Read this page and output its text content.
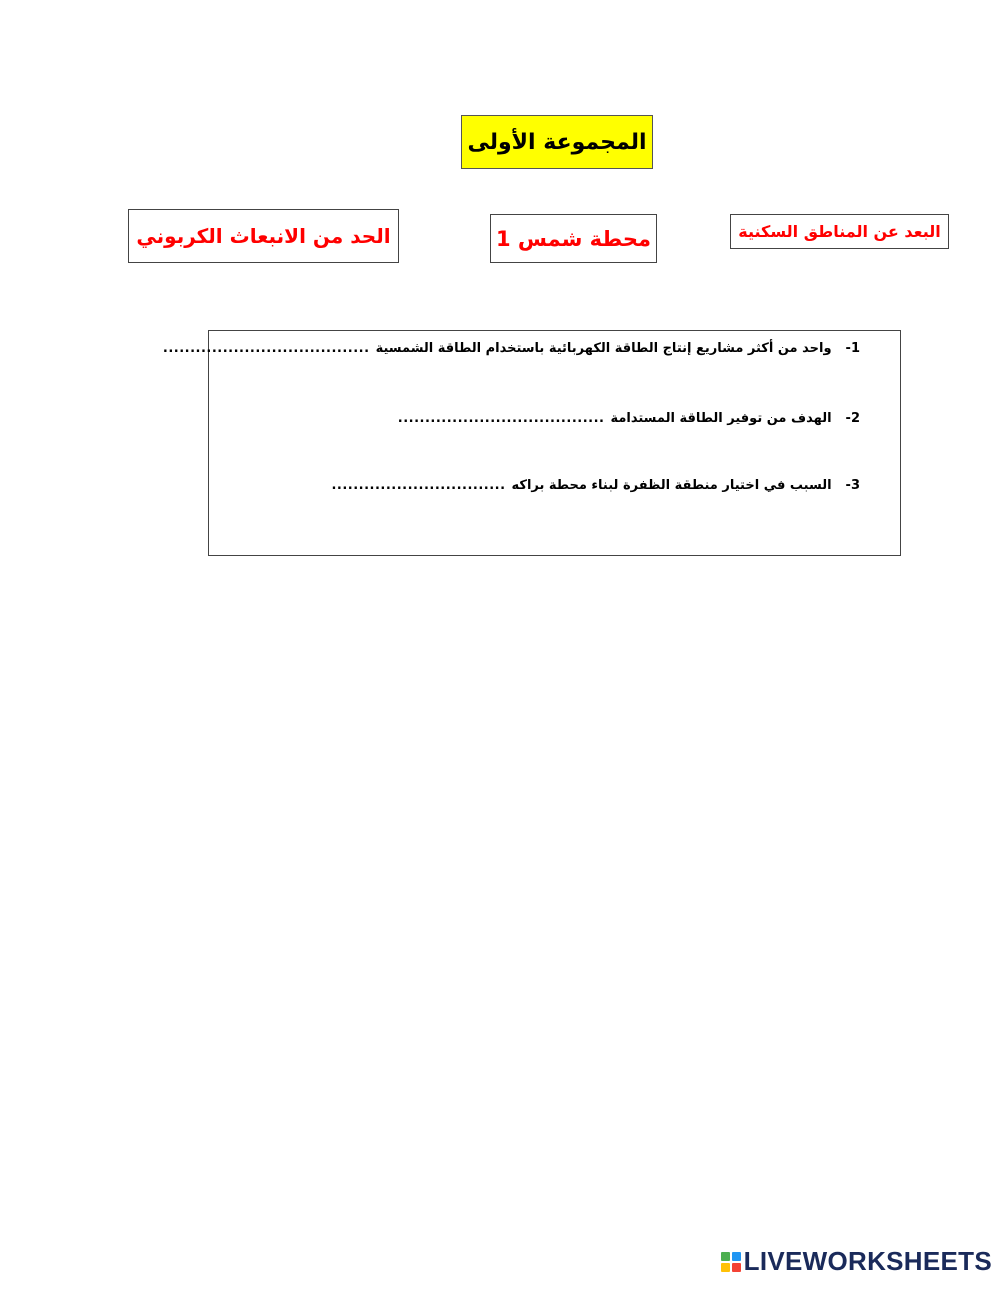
المجموعة الأولى
البعد عن المناطق السكنية
محطة شمس 1
الحد من الانبعاث الكربوني
-1
واحد من أكثر مشاريع إنتاج الطاقة الكهربائية باستخدام الطاقة الشمسية
......................................
-2
الهدف من توفير الطاقة المستدامة
......................................
-3
السبب في اختيار منطقة الظفرة لبناء محطة براكه
................................
LIVEWORKSHEETS
